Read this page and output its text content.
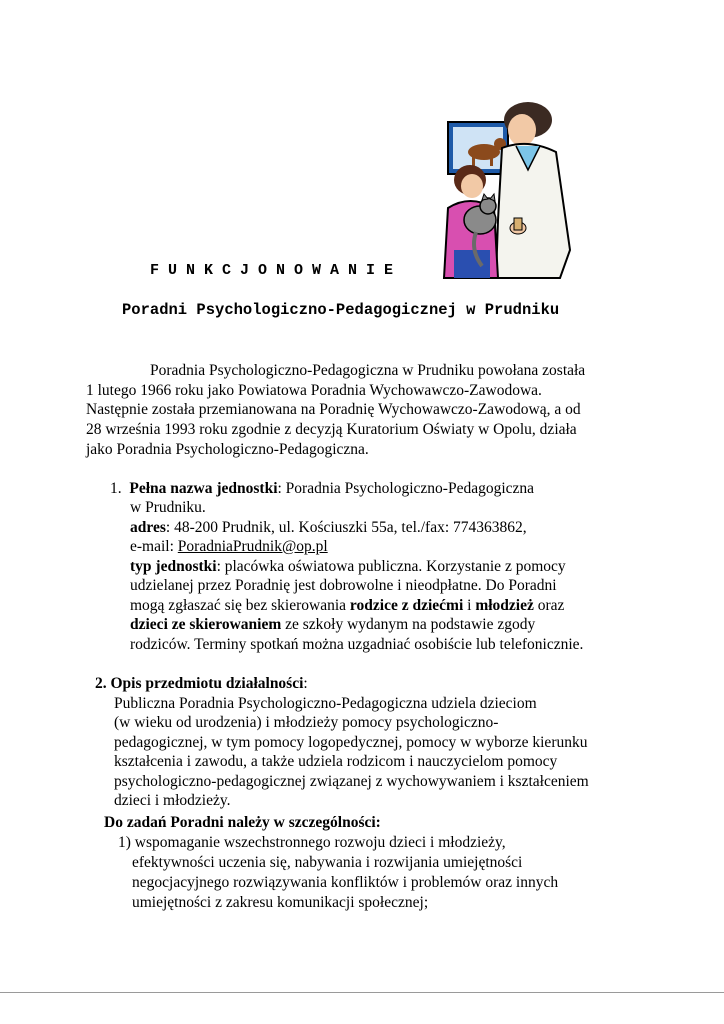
F U N K C J O N O W A N I E
Poradni Psychologiczno-Pedagogicznej w Prudniku
Poradnia Psychologiczno-Pedagogiczna w Prudniku powołana została
1 lutego 1966 roku jako Powiatowa Poradnia Wychowawczo-Zawodowa.
Następnie została przemianowana na Poradnię Wychowawczo-Zawodową, a od
28 września 1993 roku zgodnie z decyzją Kuratorium Oświaty w Opolu, działa
jako Poradnia Psychologiczno-Pedagogiczna.
1. Pełna nazwa jednostki: Poradnia Psychologiczno-Pedagogiczna
w Prudniku.
adres: 48-200 Prudnik, ul. Kościuszki 55a, tel./fax: 774363862,
e-mail: PoradniaPrudnik@op.pl
typ jednostki: placówka oświatowa publiczna. Korzystanie z pomocy
udzielanej przez Poradnię jest dobrowolne i nieodpłatne. Do Poradni
mogą zgłaszać się bez skierowania rodzice z dziećmi i młodzież oraz
dzieci ze skierowaniem ze szkoły wydanym na podstawie zgody
rodziców. Terminy spotkań można uzgadniać osobiście lub telefonicznie.
2. Opis przedmiotu działalności:
Publiczna Poradnia Psychologiczno-Pedagogiczna udziela dzieciom
(w wieku od urodzenia) i młodzieży pomocy psychologiczno-
pedagogicznej, w tym pomocy logopedycznej, pomocy w wyborze kierunku
kształcenia i zawodu, a także udziela rodzicom i nauczycielom pomocy
psychologiczno-pedagogicznej związanej z wychowywaniem i kształceniem
dzieci i młodzieży.
Do zadań Poradni należy w szczególności:
1) wspomaganie wszechstronnego rozwoju dzieci i młodzieży,
efektywności uczenia się, nabywania i rozwijania umiejętności
negocjacyjnego rozwiązywania konfliktów i problemów oraz innych
umiejętności z zakresu komunikacji społecznej;
